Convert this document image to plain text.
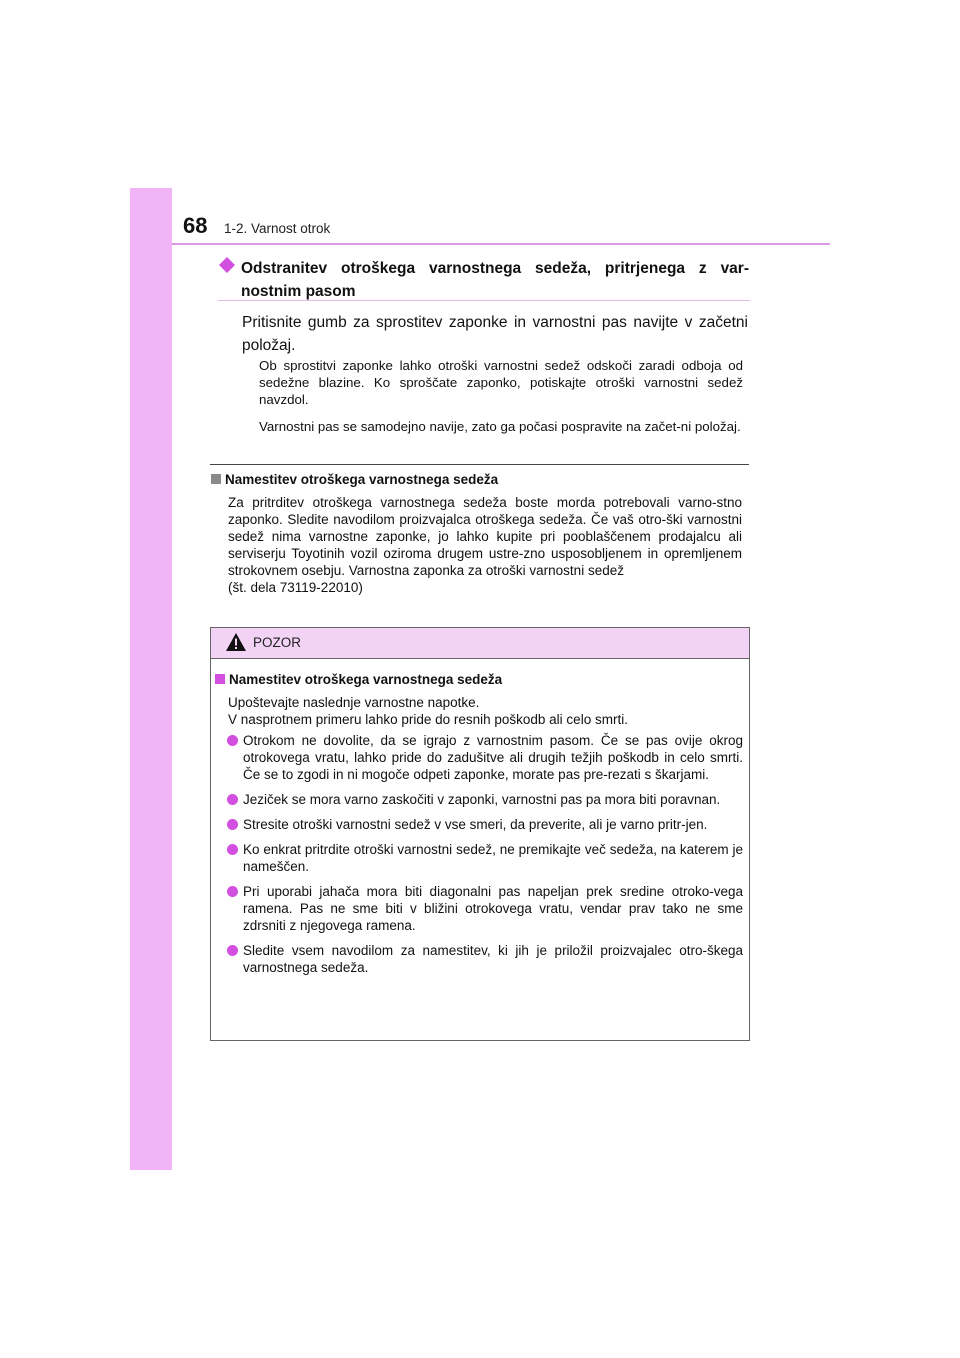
68 1-2. Varnost otrok
Odstranitev otroškega varnostnega sedeža, pritrjenega z var-nostnim pasom

Pritisnite gumb za sprostitev zaponke in varnostni pas navijte v začetni položaj.

Ob sprostitvi zaponke lahko otroški varnostni sedež odskoči zaradi odboja od sedežne blazine. Ko sproščate zaponko, potiskajte otroški varnostni sedež navzdol.

Varnostni pas se samodejno navije, zato ga počasi pospravite na začet-ni položaj.

Namestitev otroškega varnostnega sedeža
Za pritrditev otroškega varnostnega sedeža boste morda potrebovali varno-stno zaponko. Sledite navodilom proizvajalca otroškega sedeža. Če vaš otro-ški varnostni sedež nima varnostne zaponke, jo lahko kupite pri pooblaščenem prodajalcu ali serviserju Toyotinih vozil oziroma drugem ustre-zno usposobljenem in opremljenem strokovnem osebju. Varnostna zaponka za otroški varnostni sedež
(št. dela 73119-22010)
POZOR
Namestitev otroškega varnostnega sedeža
Upoštevajte naslednje varnostne napotke.
V nasprotnem primeru lahko pride do resnih poškodb ali celo smrti.
Otrokom ne dovolite, da se igrajo z varnostnim pasom. Če se pas ovije okrog otrokovega vratu, lahko pride do zadušitve ali drugih težjih poškodb in celo smrti. Če se to zgodi in ni mogoče odpeti zaponke, morate pas pre-rezati s škarjami.
Jeziček se mora varno zaskočiti v zaponki, varnostni pas pa mora biti poravnan.
Stresite otroški varnostni sedež v vse smeri, da preverite, ali je varno pritr-jen.
Ko enkrat pritrdite otroški varnostni sedež, ne premikajte več sedeža, na katerem je nameščen.
Pri uporabi jahača mora biti diagonalni pas napeljan prek sredine otroko-vega ramena. Pas ne sme biti v bližini otrokovega vratu, vendar prav tako ne sme zdrsniti z njegovega ramena.
Sledite vsem navodilom za namestitev, ki jih je priložil proizvajalec otro-škega varnostnega sedeža.
